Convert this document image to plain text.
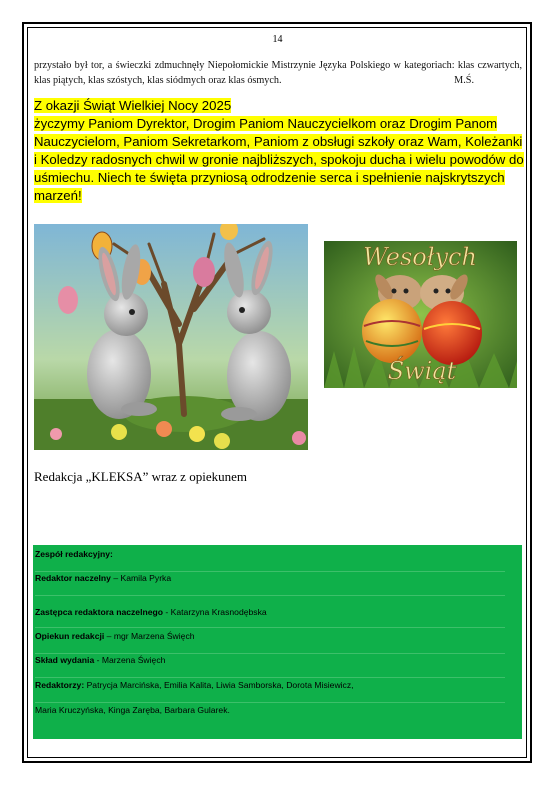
14
przystało był tor, a świeczki zdmuchnęły Niepołomickie Mistrzynie Języka Polskiego w kategoriach: klas czwartych, klas piątych, klas szóstych, klas siódmych oraz klas ósmych.	M.Ś.
Z okazji Świąt Wielkiej Nocy 2025
życzymy Paniom Dyrektor, Drogim Paniom Nauczycielkom oraz Drogim Panom Nauczycielom, Paniom Sekretarkom, Paniom z obsługi szkoły oraz Wam, Koleżanki i Koledzy radosnych chwil w gronie najbliższych, spokoju ducha i wielu powodów do uśmiechu. Niech te święta przyniosą odrodzenie serca i spełnienie najskrytszych marzeń!
Wesołych
Świąt
Redakcja „KLEKSA” wraz z opiekunem
Zespół redakcyjny:
Redaktor naczelny – Kamila Pyrka
Zastępca redaktora naczelnego - Katarzyna Krasnodębska
Opiekun redakcji – mgr Marzena Święch
Skład wydania - Marzena Święch
Redaktorzy: Patrycja Marcińska, Emilia Kalita, Liwia Samborska, Dorota Misiewicz,
Maria Kruczyńska, Kinga Zaręba, Barbara Gularek.
